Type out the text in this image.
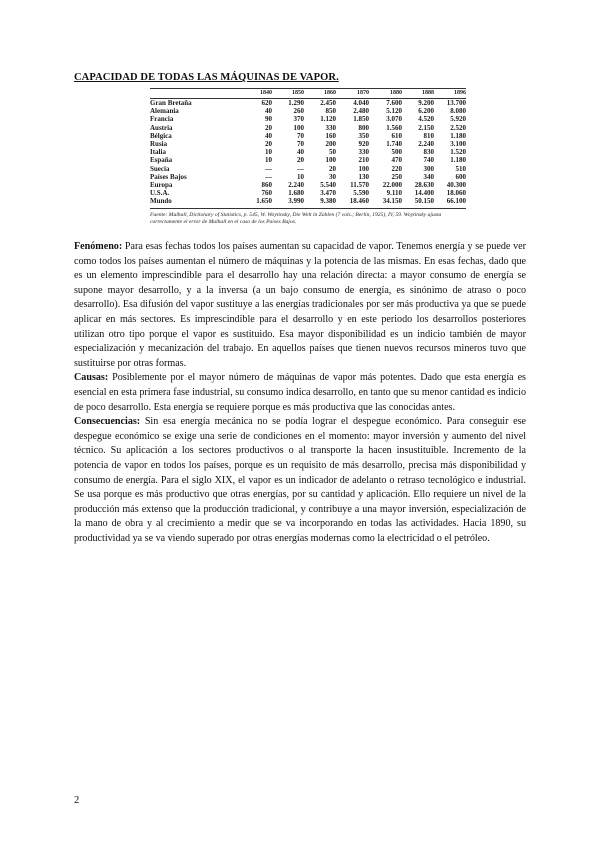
CAPACIDAD DE TODAS LAS MÁQUINAS DE VAPOR.
	1840	1850	1860	1870	1880	1888	1896
Gran Bretaña	620	1.290	2.450	4.040	7.600	9.200	13.700
Alemania	40	260	850	2.480	5.120	6.200	8.080
Francia	90	370	1.120	1.850	3.070	4.520	5.920
Austria	20	100	330	800	1.560	2.150	2.520
Bélgica	40	70	160	350	610	810	1.180
Rusia	20	70	200	920	1.740	2.240	3.100
Italia	10	40	50	330	500	830	1.520
España	10	20	100	210	470	740	1.180
Suecia	—	—	20	100	220	300	510
Países Bajos	—	10	30	130	250	340	600
Europa	860	2.240	5.540	11.570	22.000	28.630	40.300
U.S.A.	760	1.680	3.470	5.590	9.110	14.400	18.060
Mundo	1.650	3.990	9.380	18.460	34.150	50.150	66.100
Fuente: Mulhall, Dictionary of Statistics, p. 545, W. Woytinsky, Die Welt in Zahlen (7 vols.; Berlín, 1925), IV, 59. Woytinsky ajusta correctamente el error de Mulhall en el caso de los Países Bajos.

Fenómeno: Para esas fechas todos los países aumentan su capacidad de vapor. Tenemos energía y se puede ver como todos los países aumentan el número de máquinas y la potencia de las mismas. En esas fechas, dado que es un elemento imprescindible para el desarrollo hay una relación directa: a mayor consumo de energía se supone mayor desarrollo, y a la inversa (a un bajo consumo de energía, es sinónimo de atraso o poco desarrollo). Esa difusión del vapor sustituye a las energías tradicionales por ser más productiva ya que se puede aplicar en más sectores. Es imprescindible para el desarrollo y en este periodo los desarrollos posteriores utilizan otro tipo porque el vapor es sustituido. Esa mayor disponibilidad es un indicio también de mayor especialización y mecanización del trabajo. En aquellos países que tienen nuevos recursos mineros tuvo que sustituirse por otras formas.

Causas: Posiblemente por el mayor número de máquinas de vapor más potentes. Dado que esta energía es esencial en esta primera fase industrial, su consumo indica desarrollo, en tanto que su menor cantidad es indicio de poco desarrollo. Esta energía se requiere porque es más productiva que las conocidas antes.

Consecuencias: Sin esa energía mecánica no se podía lograr el despegue económico. Para conseguir ese despegue económico se exige una serie de condiciones en el momento: mayor inversión y aumento del nivel técnico. Su aplicación a los sectores productivos o al transporte la hacen insustituible. Incremento de la potencia de vapor en todos los países, porque es un requisito de más desarrollo, precisa más disponibilidad y consumo de energía. Para el siglo XIX, el vapor es un indicador de adelanto o retraso tecnológico e industrial. Se usa porque es más productivo que otras energías, por su cantidad y aplicación. Ello requiere un nivel de la producción más extenso que la producción tradicional, y contribuye a una mayor inversión, especialización de la mano de obra y al crecimiento a medir que se va incorporando en todas las actividades. Hacia 1890, su productividad ya se va viendo superado por otras energías modernas como la electricidad o el petróleo.

2
